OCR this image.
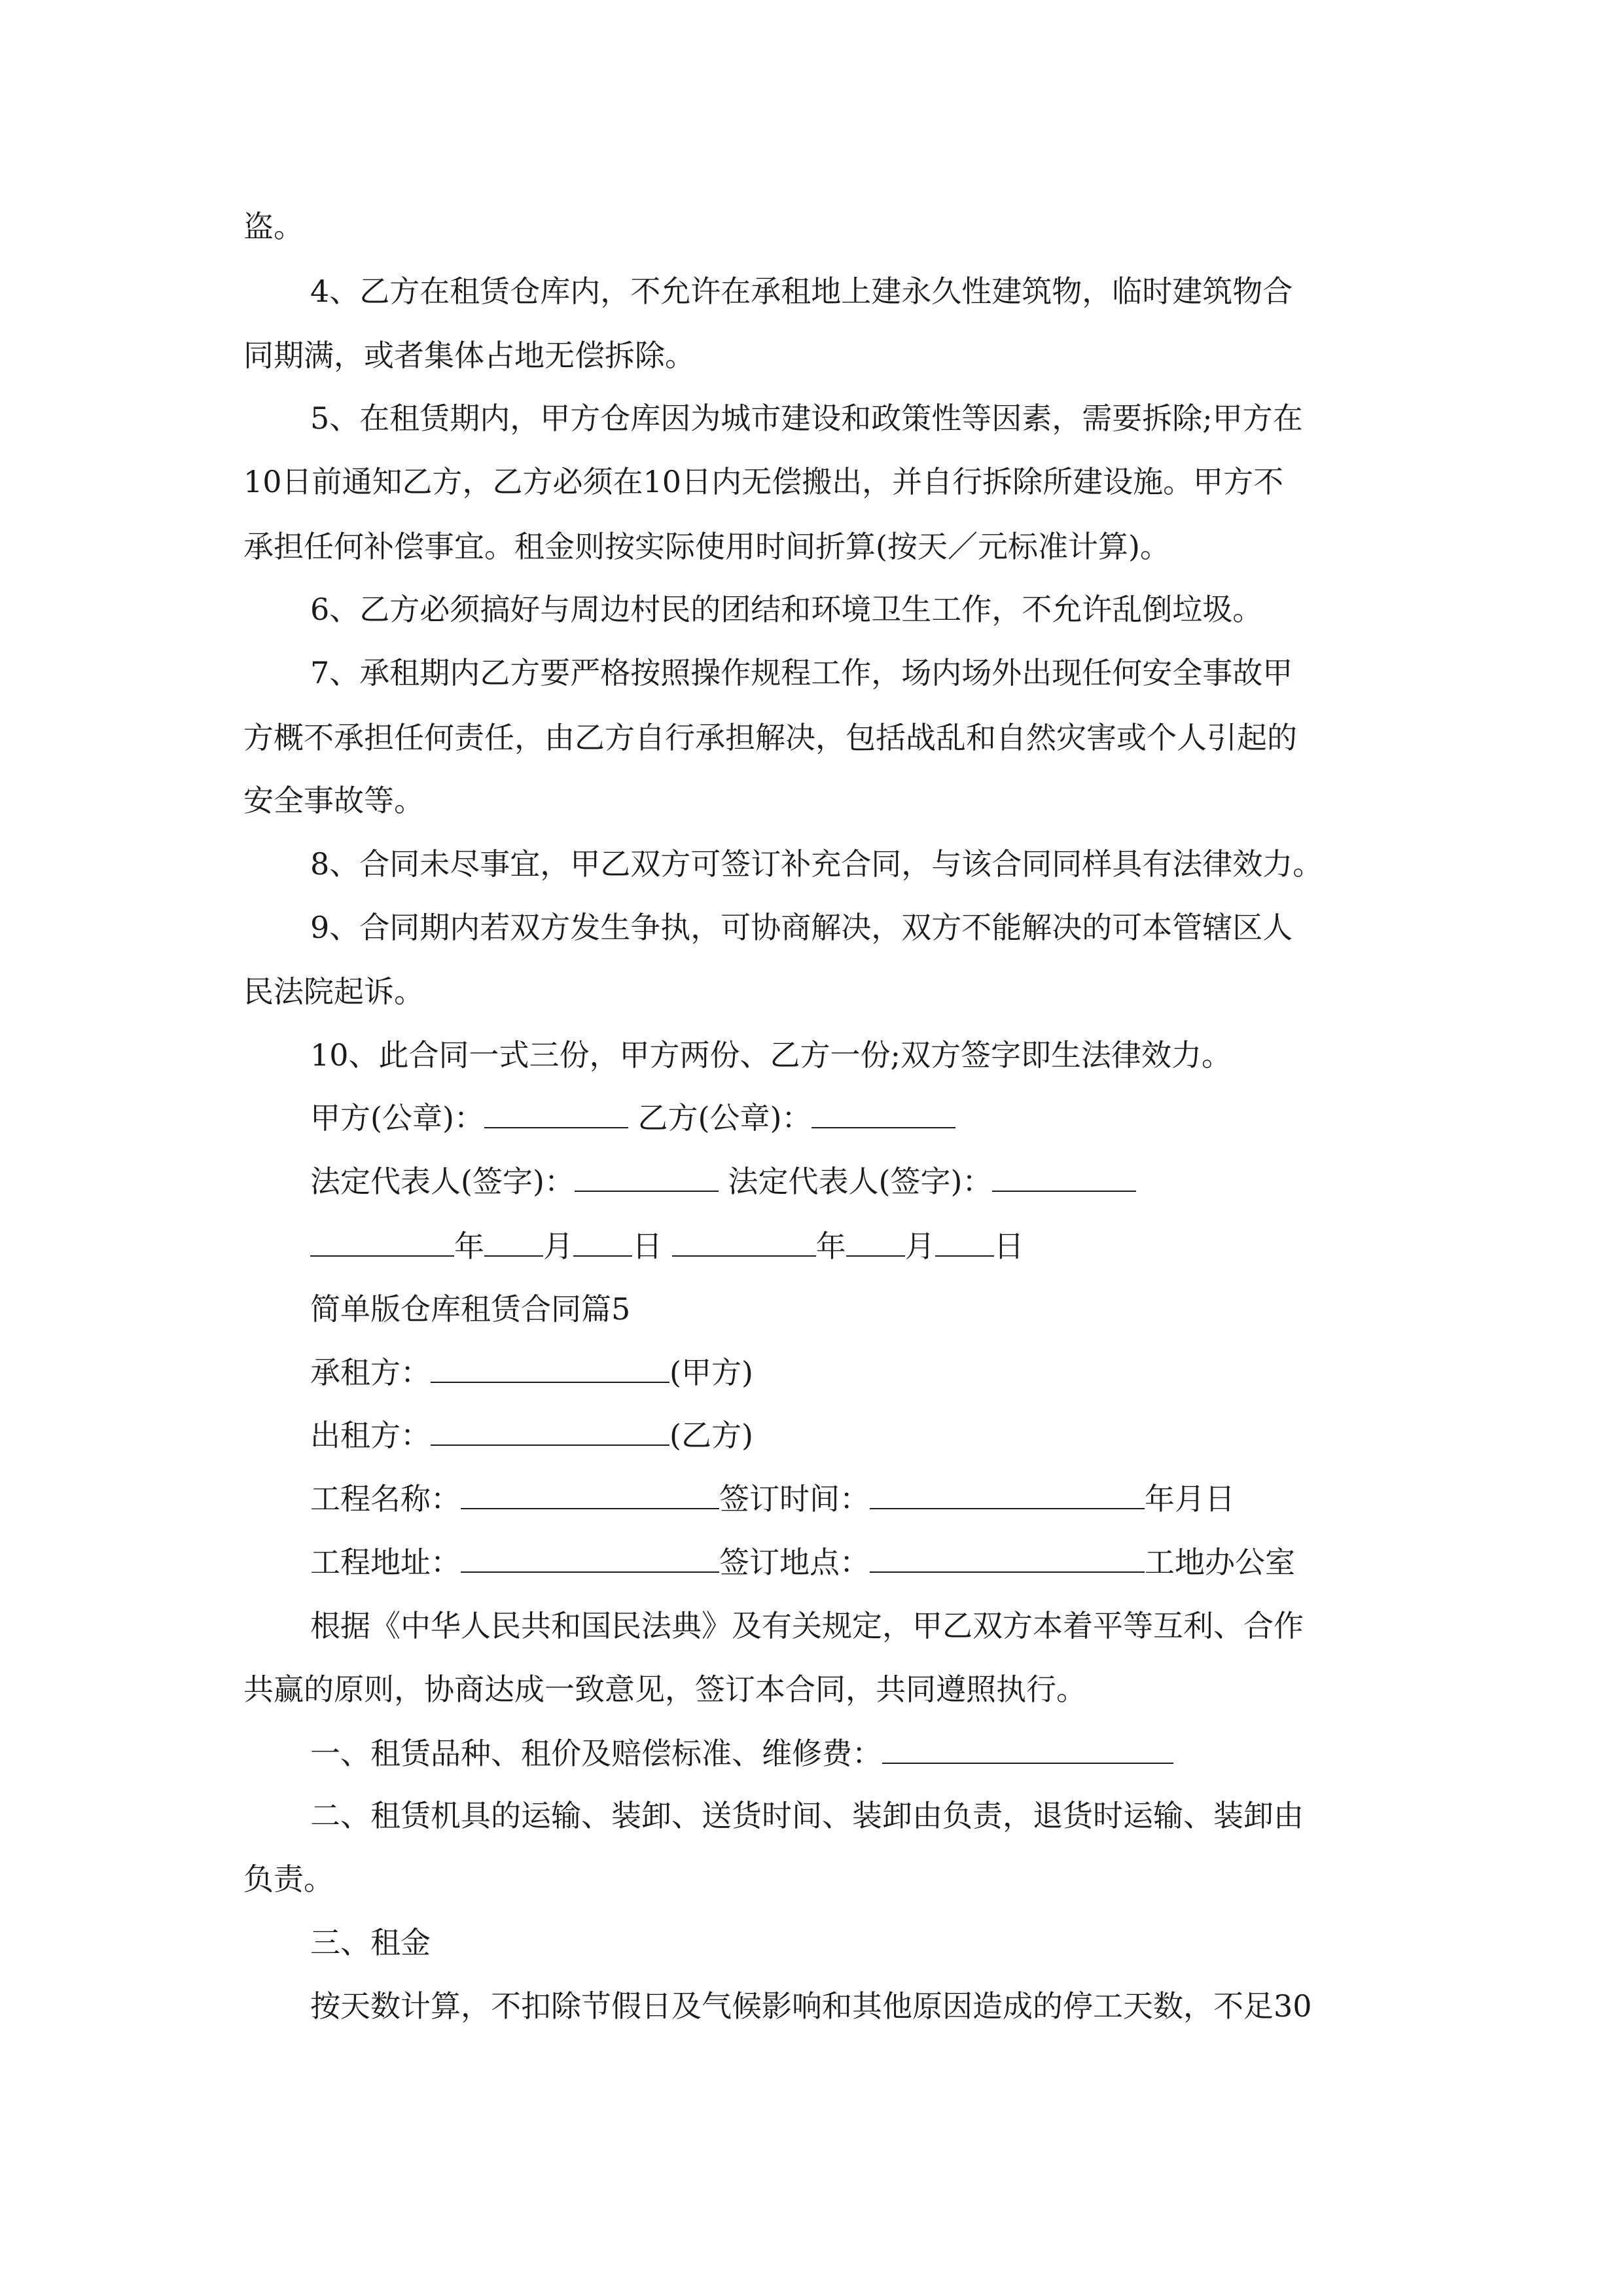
盗。

4、乙方在租赁仓库内，不允许在承租地上建永久性建筑物，临时建筑物合

同期满，或者集体占地无偿拆除。

5、在租赁期内，甲方仓库因为城市建设和政策性等因素，需要拆除;甲方在

10日前通知乙方，乙方必须在10日内无偿搬出，并自行拆除所建设施。甲方不

承担任何补偿事宜。租金则按实际使用时间折算(按天／元标准计算)。

6、乙方必须搞好与周边村民的团结和环境卫生工作，不允许乱倒垃圾。

7、承租期内乙方要严格按照操作规程工作，场内场外出现任何安全事故甲

方概不承担任何责任，由乙方自行承担解决，包括战乱和自然灾害或个人引起的

安全事故等。

8、合同未尽事宜，甲乙双方可签订补充合同，与该合同同样具有法律效力。

9、合同期内若双方发生争执，可协商解决，双方不能解决的可本管辖区人

民法院起诉。

10、此合同一式三份，甲方两份、乙方一份;双方签字即生法律效力。

甲方(公章)：	乙方(公章)：

法定代表人(签字)：	法定代表人(签字)：

年 月 日	年 月 日

简单版仓库租赁合同篇5

承租方：	(甲方)

出租方：	(乙方)

工程名称：	签订时间：	年月日

工程地址：	签订地点：	工地办公室

根据《中华人民共和国民法典》及有关规定，甲乙双方本着平等互利、合作

共赢的原则，协商达成一致意见，签订本合同，共同遵照执行。

一、租赁品种、租价及赔偿标准、维修费：

二、租赁机具的运输、装卸、送货时间、装卸由负责，退货时运输、装卸由

负责。

三、租金

按天数计算，不扣除节假日及气候影响和其他原因造成的停工天数，不足30
